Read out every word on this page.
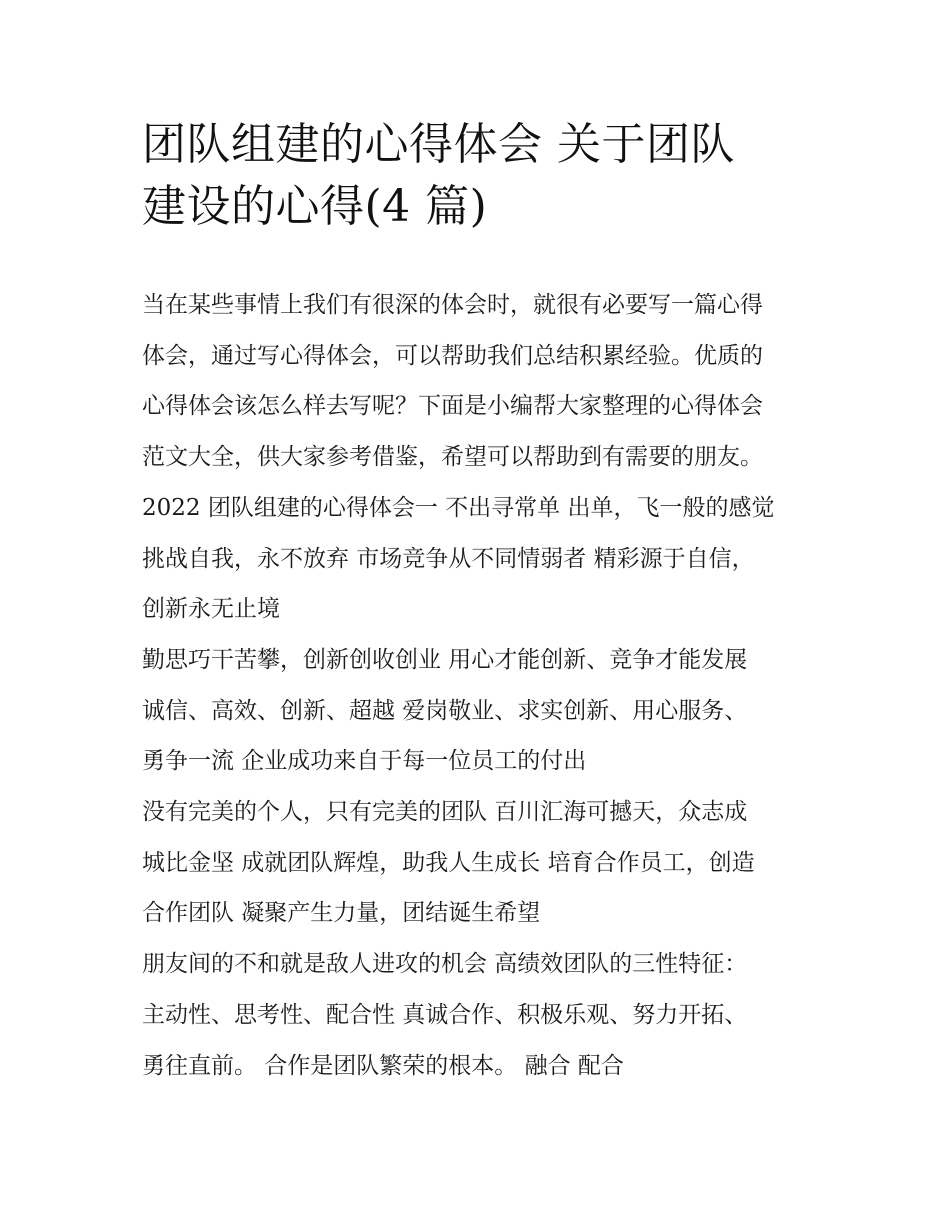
团队组建的心得体会 关于团队
建设的心得(4 篇)
当在某些事情上我们有很深的体会时，就很有必要写一篇心得
体会，通过写心得体会，可以帮助我们总结积累经验。优质的
心得体会该怎么样去写呢？下面是小编帮大家整理的心得体会
范文大全，供大家参考借鉴，希望可以帮助到有需要的朋友。
2022 团队组建的心得体会一 不出寻常单 出单，飞一般的感觉
挑战自我，永不放弃 市场竞争从不同情弱者 精彩源于自信，
创新永无止境
勤思巧干苦攀，创新创收创业 用心才能创新、竞争才能发展
诚信、高效、创新、超越 爱岗敬业、求实创新、用心服务、
勇争一流 企业成功来自于每一位员工的付出
没有完美的个人，只有完美的团队 百川汇海可撼天，众志成
城比金坚 成就团队辉煌，助我人生成长 培育合作员工，创造
合作团队 凝聚产生力量，团结诞生希望
朋友间的不和就是敌人进攻的机会 高绩效团队的三性特征：
主动性、思考性、配合性 真诚合作、积极乐观、努力开拓、
勇往直前。 合作是团队繁荣的根本。 融合 配合
